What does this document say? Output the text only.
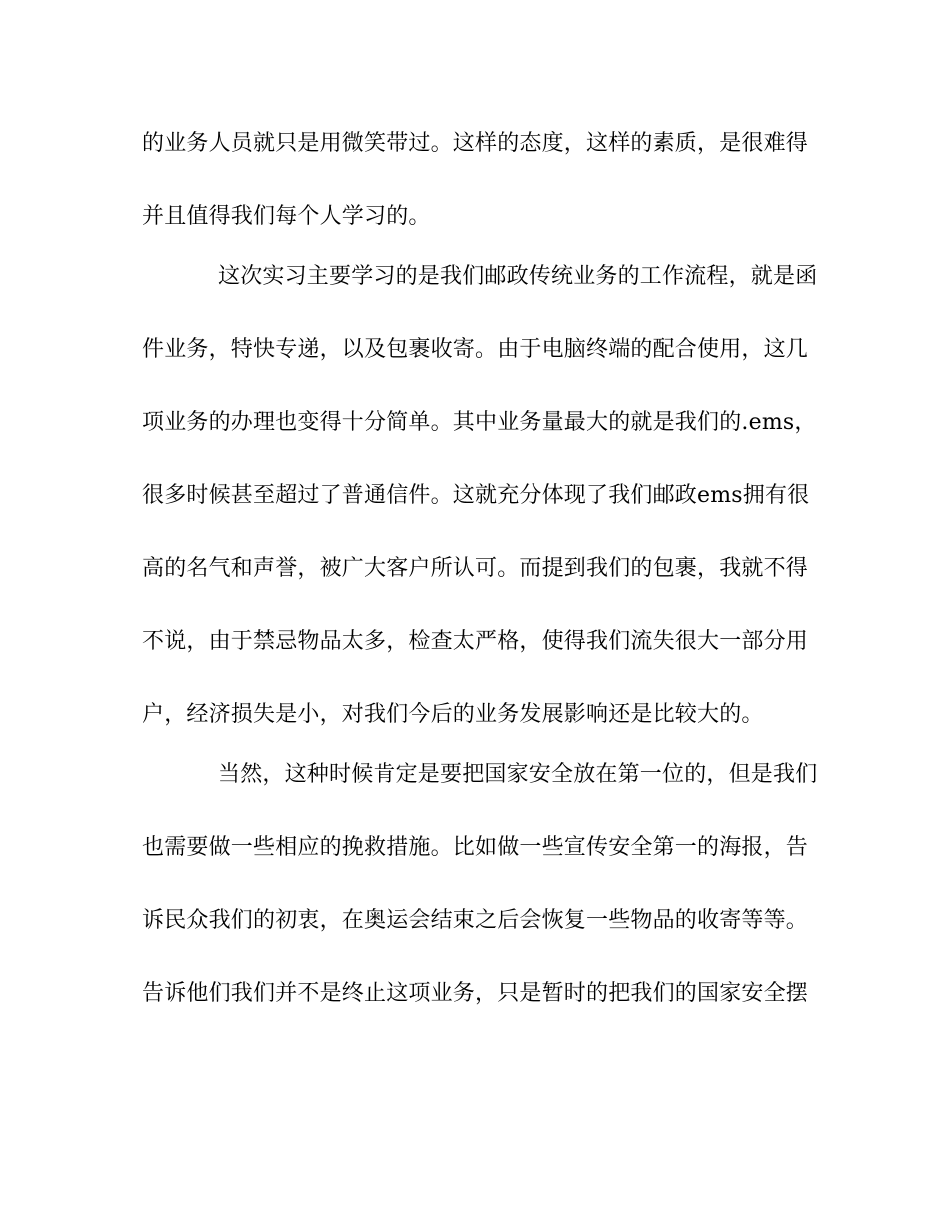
的业务人员就只是用微笑带过。这样的态度，这样的素质，是很难得
并且值得我们每个人学习的。
这次实习主要学习的是我们邮政传统业务的工作流程，就是函
件业务，特快专递，以及包裹收寄。由于电脑终端的配合使用，这几
项业务的办理也变得十分简单。其中业务量最大的就是我们的.ems，
很多时候甚至超过了普通信件。这就充分体现了我们邮政ems拥有很
高的名气和声誉，被广大客户所认可。而提到我们的包裹，我就不得
不说，由于禁忌物品太多，检查太严格，使得我们流失很大一部分用
户，经济损失是小，对我们今后的业务发展影响还是比较大的。
当然，这种时候肯定是要把国家安全放在第一位的，但是我们
也需要做一些相应的挽救措施。比如做一些宣传安全第一的海报，告
诉民众我们的初衷，在奥运会结束之后会恢复一些物品的收寄等等。
告诉他们我们并不是终止这项业务，只是暂时的把我们的国家安全摆
